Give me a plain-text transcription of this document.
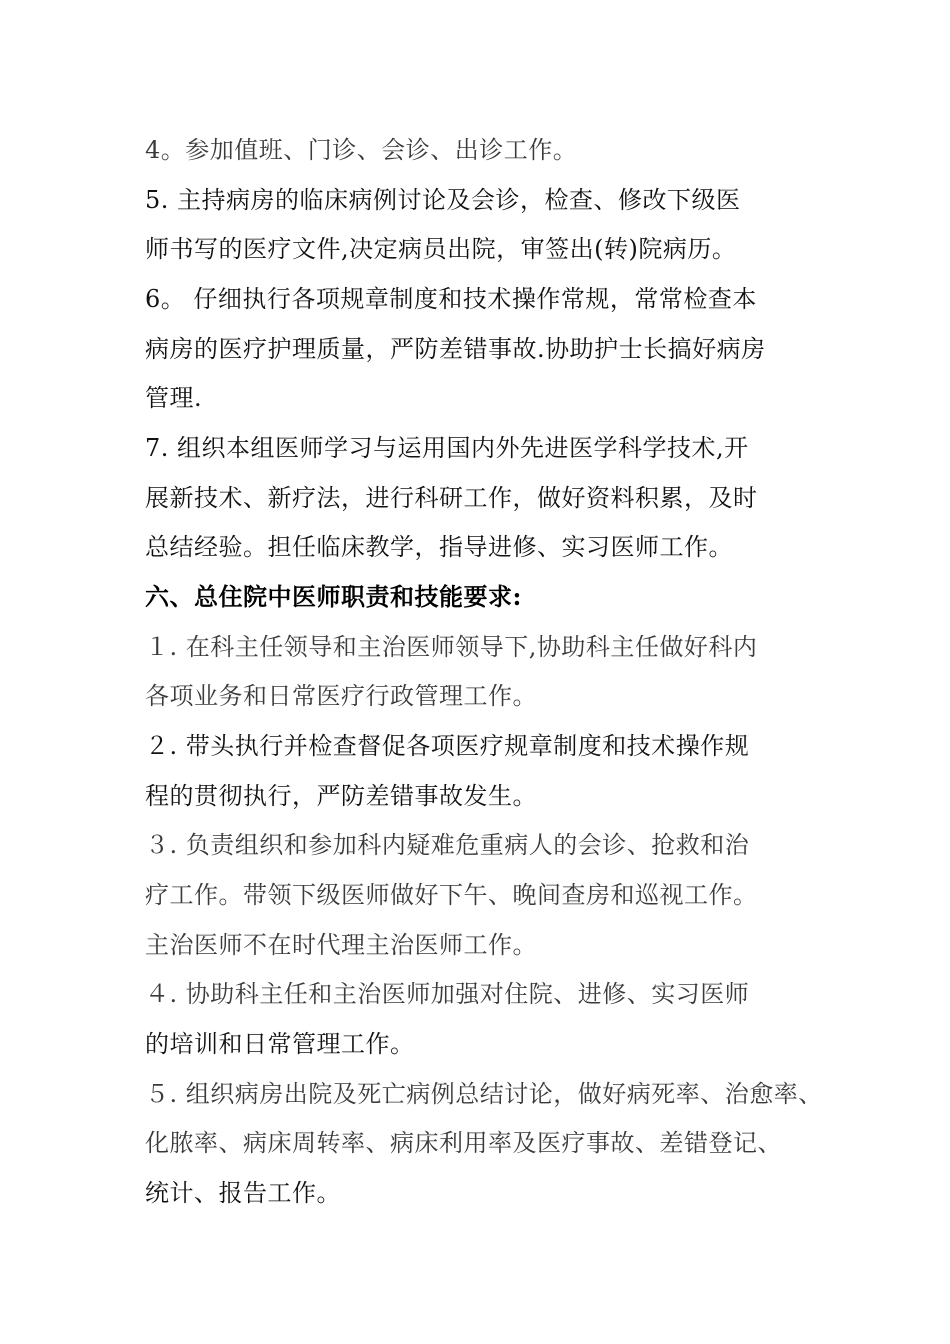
4。参加值班、门诊、会诊、出诊工作。
5. 主持病房的临床病例讨论及会诊，检查、修改下级医
师书写的医疗文件,决定病员出院，审签出(转)院病历。
6。 仔细执行各项规章制度和技术操作常规，常常检查本
病房的医疗护理质量，严防差错事故.协助护士长搞好病房
管理.
7. 组织本组医师学习与运用国内外先进医学科学技术,开
展新技术、新疗法，进行科研工作，做好资料积累，及时
总结经验。担任临床教学，指导进修、实习医师工作。
六、总住院中医师职责和技能要求:
１. 在科主任领导和主治医师领导下,协助科主任做好科内
各项业务和日常医疗行政管理工作。
２. 带头执行并检查督促各项医疗规章制度和技术操作规
程的贯彻执行，严防差错事故发生。
３. 负责组织和参加科内疑难危重病人的会诊、抢救和治
疗工作。带领下级医师做好下午、晚间查房和巡视工作。
主治医师不在时代理主治医师工作。
４. 协助科主任和主治医师加强对住院、进修、实习医师
的培训和日常管理工作。
５. 组织病房出院及死亡病例总结讨论，做好病死率、治愈率、
化脓率、病床周转率、病床利用率及医疗事故、差错登记、
统计、报告工作。
